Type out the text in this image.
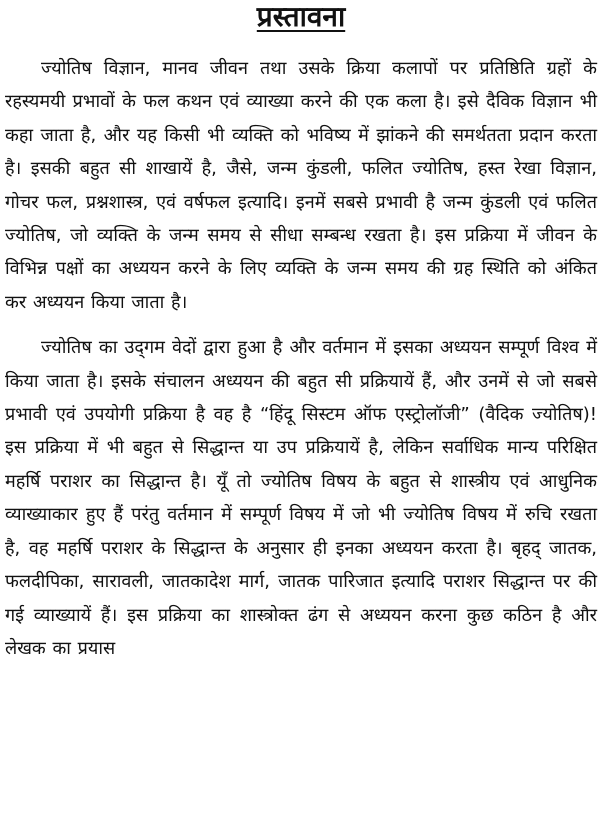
प्रस्तावना

ज्योतिष विज्ञान, मानव जीवन तथा उसके क्रिया कलापों पर प्रतिष्ठिति ग्रहों के रहस्यमयी प्रभावों के फल कथन एवं व्याख्या करने की एक कला है। इसे दैविक विज्ञान भी कहा जाता है, और यह किसी भी व्यक्ति को भविष्य में झांकने की समर्थतता प्रदान करता है। इसकी बहुत सी शाखायें है, जैसे, जन्म कुंडली, फलित ज्योतिष, हस्त रेखा विज्ञान, गोचर फल, प्रश्नशास्त्र, एवं वर्षफल इत्यादि। इनमें सबसे प्रभावी है जन्म कुंडली एवं फलित ज्योतिष, जो व्यक्ति के जन्म समय से सीधा सम्बन्ध रखता है। इस प्रक्रिया में जीवन के विभिन्न पक्षों का अध्ययन करने के लिए व्यक्ति के जन्म समय की ग्रह स्थिति को अंकित कर अध्ययन किया जाता है।

ज्योतिष का उद्‌गम वेदों द्वारा हुआ है और वर्तमान में इसका अध्ययन सम्पूर्ण विश्व में किया जाता है। इसके संचालन अध्ययन की बहुत सी प्रक्रियायें हैं, और उनमें से जो सबसे प्रभावी एवं उपयोगी प्रक्रिया है वह है “हिंदू सिस्टम ऑफ एस्ट्रोलॉजी” (वैदिक ज्योतिष)! इस प्रक्रिया में भी बहुत से सिद्धान्त या उप प्रक्रियायें है, लेकिन सर्वाधिक मान्य परिक्षित महर्षि पराशर का सिद्धान्त है। यूँ तो ज्योतिष विषय के बहुत से शास्त्रीय एवं आधुनिक व्याख्याकार हुए हैं परंतु वर्तमान में सम्पूर्ण विषय में जो भी ज्योतिष विषय में रुचि रखता है, वह महर्षि पराशर के सिद्धान्त के अनुसार ही इनका अध्ययन करता है। बृहद् जातक, फलदीपिका, सारावली, जातकादेश मार्ग, जातक पारिजात इत्यादि पराशर सिद्धान्त पर की गई व्याख्यायें हैं। इस प्रक्रिया का शास्त्रोक्त ढंग से अध्ययन करना कुछ कठिन है और लेखक का प्रयास
